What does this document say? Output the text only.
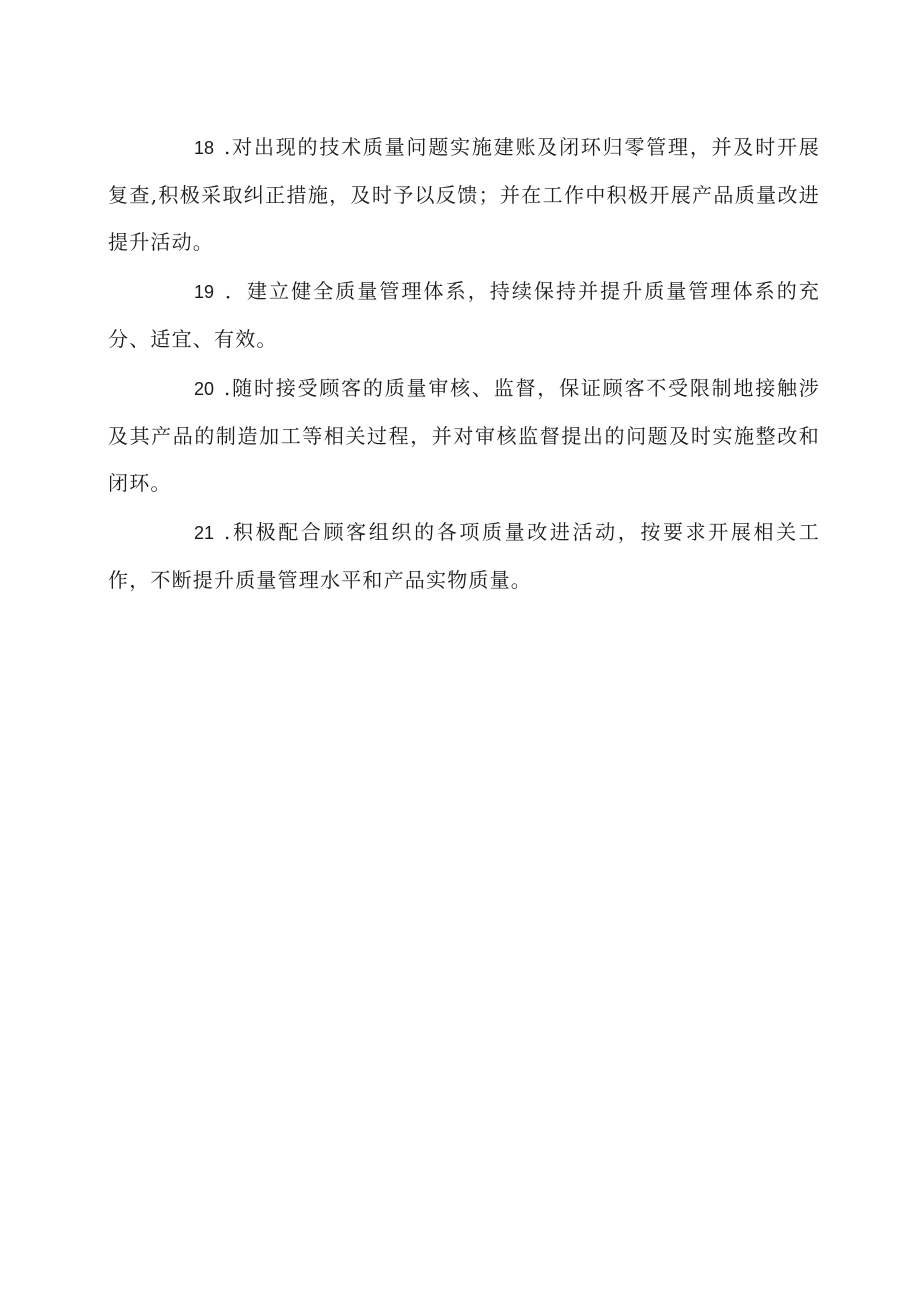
18 .对出现的技术质量问题实施建账及闭环归零管理，并及时开展复查,积极采取纠正措施，及时予以反馈；并在工作中积极开展产品质量改进提升活动。

19 ．建立健全质量管理体系，持续保持并提升质量管理体系的充分、适宜、有效。

20 .随时接受顾客的质量审核、监督，保证顾客不受限制地接触涉及其产品的制造加工等相关过程，并对审核监督提出的问题及时实施整改和闭环。

21 .积极配合顾客组织的各项质量改进活动，按要求开展相关工作，不断提升质量管理水平和产品实物质量。
